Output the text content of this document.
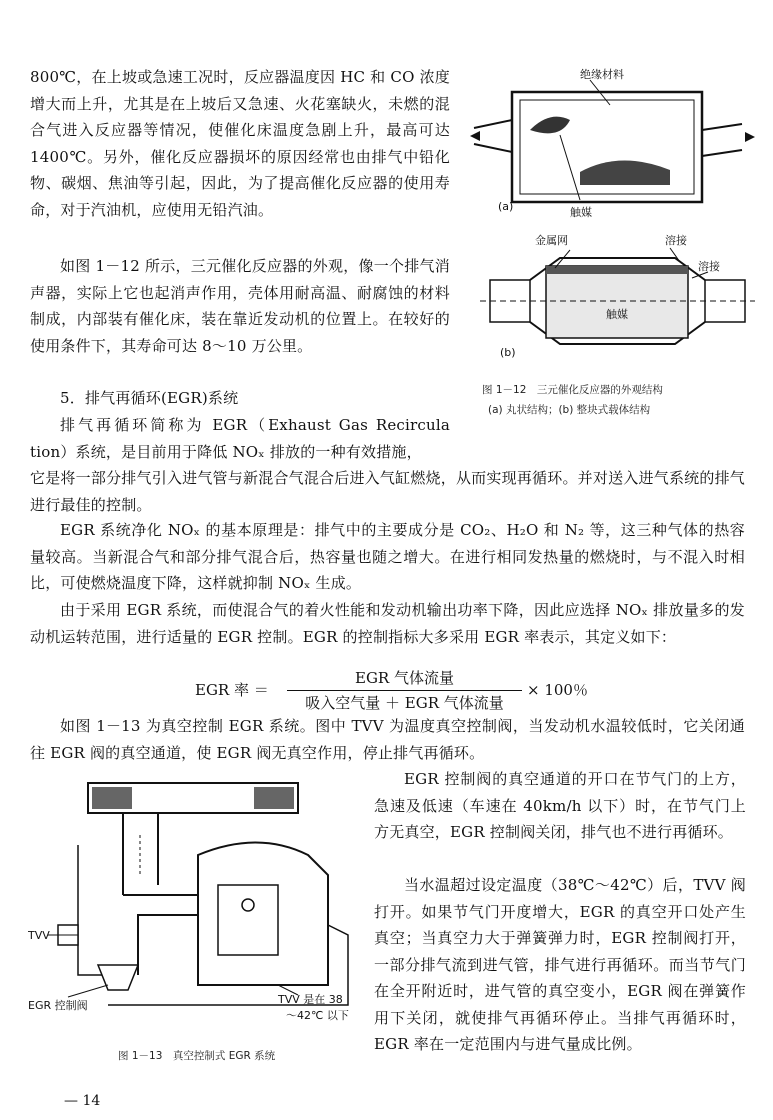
800℃，在上坡或急速工况时，反应器温度因 HC 和 CO 浓度增大而上升，尤其是在上坡后又急速、火花塞缺火，未燃的混合气进入反应器等情况，使催化床温度急剧上升，最高可达 1400℃。另外，催化反应器损坏的原因经常也由排气中铅化物、碳烟、焦油等引起，因此，为了提高催化反应器的使用寿命，对于汽油机，应使用无铅汽油。
如图 1－12 所示，三元催化反应器的外观，像一个排气消声器，实际上它也起消声作用，壳体用耐高温、耐腐蚀的材料制成，内部装有催化床，装在靠近发动机的位置上。在较好的使用条件下，其寿命可达 8～10 万公里。
5．排气再循环(EGR)系统
排气再循环简称为 EGR（Exhaust Gas Recircula tion）系统，是目前用于降低 NOₓ 排放的一种有效措施，
它是将一部分排气引入进气管与新混合气混合后进入气缸燃烧，从而实现再循环。并对送入进气系统的排气进行最佳的控制。
EGR 系统净化 NOₓ 的基本原理是：排气中的主要成分是 CO₂、H₂O 和 N₂ 等，这三种气体的热容量较高。当新混合气和部分排气混合后，热容量也随之增大。在进行相同发热量的燃烧时，与不混入时相比，可使燃烧温度下降，这样就抑制 NOₓ 生成。
由于采用 EGR 系统，而使混合气的着火性能和发动机输出功率下降，因此应选择 NOₓ 排放量多的发动机运转范围，进行适量的 EGR 控制。EGR 的控制指标大多采用 EGR 率表示，其定义如下：
EGR 率 ＝
EGR 气体流量
吸入空气量 ＋ EGR 气体流量
× 100％
如图 1－13 为真空控制 EGR 系统。图中 TVV 为温度真空控制阀，当发动机水温较低时，它关闭通往 EGR 阀的真空通道，使 EGR 阀无真空作用，停止排气再循环。
EGR 控制阀的真空通道的开口在节气门的上方，急速及低速（车速在 40km/h 以下）时，在节气门上方无真空，EGR 控制阀关闭，排气也不进行再循环。
当水温超过设定温度（38℃～42℃）后，TVV 阀打开。如果节气门开度增大，EGR 的真空开口处产生真空；当真空力大于弹簧弹力时，EGR 控制阀打开，一部分排气流到进气管，排气进行再循环。而当节气门在全开附近时，进气管的真空变小，EGR 阀在弹簧作用下关闭，就使排气再循环停止。当排气再循环时，EGR 率在一定范围内与进气量成比例。
绝缘材料
触媒
(a)
金属网	溶接
溶接
触媒
(b)
图 1－12　三元催化反应器的外观结构
(a) 丸状结构；(b) 整块式载体结构
TVV
EGR 控制阀	TVV 是在 38
～42℃ 以下
图 1－13　真空控制式 EGR 系统
— 14
